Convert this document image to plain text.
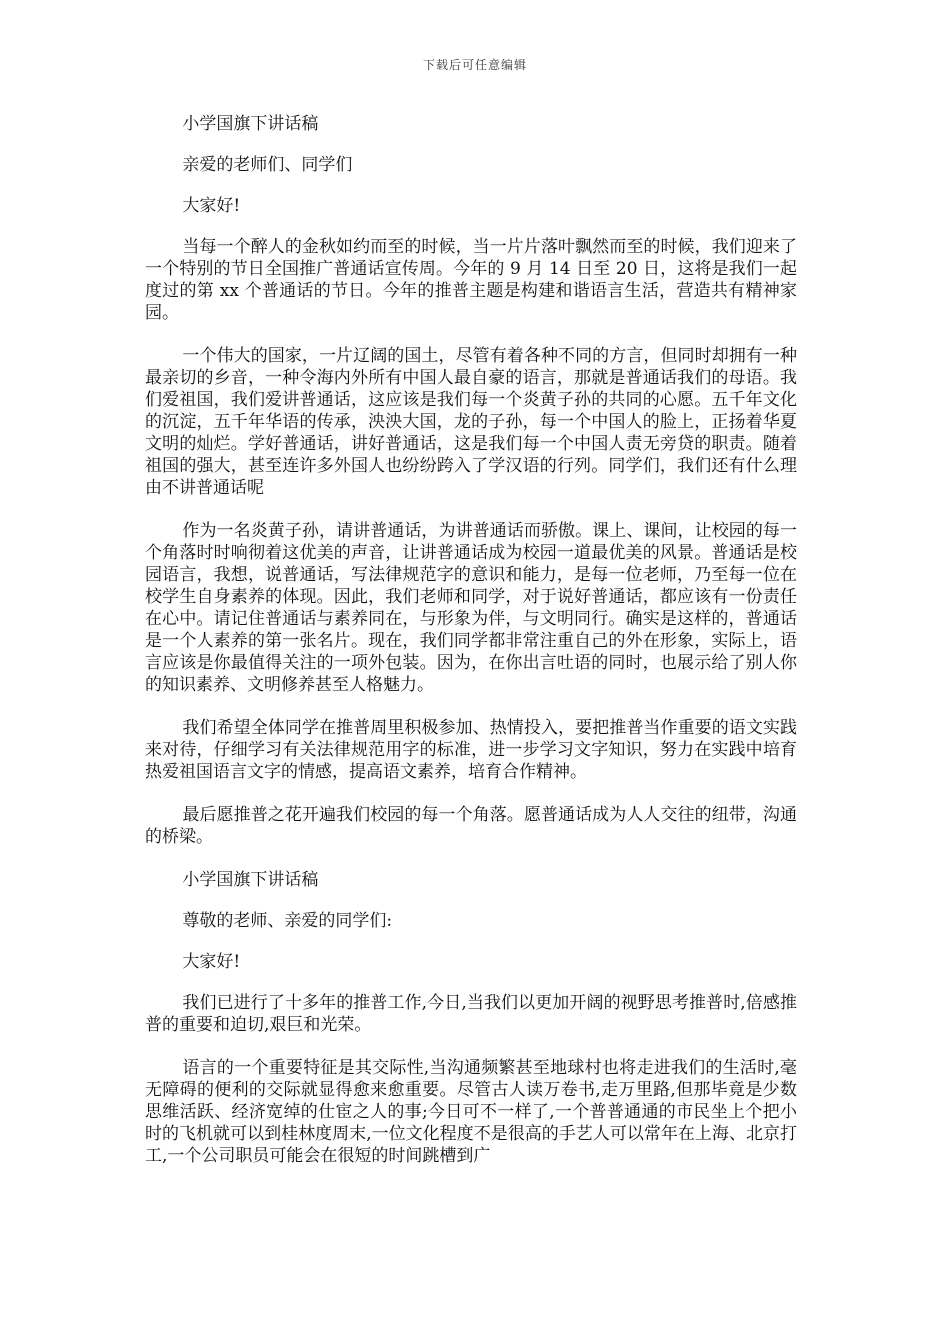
下载后可任意编辑

小学国旗下讲话稿

亲爱的老师们、同学们

大家好!

当每一个醉人的金秋如约而至的时候，当一片片落叶飘然而至的时候，我们迎来了一个特别的节日全国推广普通话宣传周。今年的 9 月 14 日至 20 日，这将是我们一起度过的第 xx 个普通话的节日。今年的推普主题是构建和谐语言生活，营造共有精神家园。

一个伟大的国家，一片辽阔的国土，尽管有着各种不同的方言，但同时却拥有一种最亲切的乡音，一种令海内外所有中国人最自豪的语言，那就是普通话我们的母语。我们爱祖国，我们爱讲普通话，这应该是我们每一个炎黄子孙的共同的心愿。五千年文化的沉淀，五千年华语的传承，泱泱大国，龙的子孙，每一个中国人的脸上，正扬着华夏文明的灿烂。学好普通话，讲好普通话，这是我们每一个中国人责无旁贷的职责。随着祖国的强大，甚至连许多外国人也纷纷跨入了学汉语的行列。同学们，我们还有什么理由不讲普通话呢

作为一名炎黄子孙，请讲普通话，为讲普通话而骄傲。课上、课间，让校园的每一个角落时时响彻着这优美的声音，让讲普通话成为校园一道最优美的风景。普通话是校园语言，我想，说普通话，写法律规范字的意识和能力，是每一位老师，乃至每一位在校学生自身素养的体现。因此，我们老师和同学，对于说好普通话，都应该有一份责任在心中。请记住普通话与素养同在，与形象为伴，与文明同行。确实是这样的，普通话是一个人素养的第一张名片。现在，我们同学都非常注重自己的外在形象，实际上，语言应该是你最值得关注的一项外包装。因为，在你出言吐语的同时，也展示给了别人你的知识素养、文明修养甚至人格魅力。

我们希望全体同学在推普周里积极参加、热情投入，要把推普当作重要的语文实践来对待，仔细学习有关法律规范用字的标准，进一步学习文字知识，努力在实践中培育热爱祖国语言文字的情感，提高语文素养，培育合作精神。

最后愿推普之花开遍我们校园的每一个角落。愿普通话成为人人交往的纽带，沟通的桥梁。

小学国旗下讲话稿

尊敬的老师、亲爱的同学们:

大家好!

我们已进行了十多年的推普工作,今日,当我们以更加开阔的视野思考推普时,倍感推普的重要和迫切,艰巨和光荣。

语言的一个重要特征是其交际性,当沟通频繁甚至地球村也将走进我们的生活时,毫无障碍的便利的交际就显得愈来愈重要。尽管古人读万卷书,走万里路,但那毕竟是少数思维活跃、经济宽绰的仕宦之人的事;今日可不一样了,一个普普通通的市民坐上个把小时的飞机就可以到桂林度周末,一位文化程度不是很高的手艺人可以常年在上海、北京打工,一个公司职员可能会在很短的时间跳槽到广
